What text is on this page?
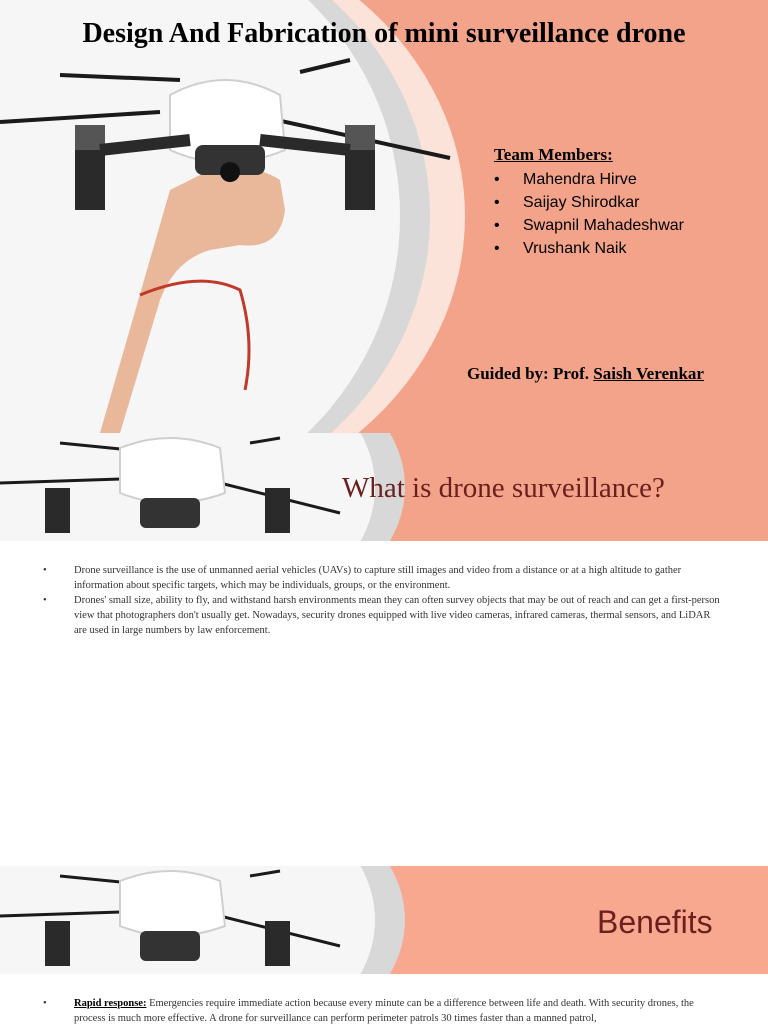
Design And Fabrication of mini surveillance drone
Team Members:
• Mahendra Hirve
• Saijay Shirodkar
• Swapnil Mahadeshwar
• Vrushank Naik
Guided by: Prof. Saish Verenkar
What is drone surveillance?
• Drone surveillance is the use of unmanned aerial vehicles (UAVs) to capture still images and video from a distance or at a high altitude to gather information about specific targets, which may be individuals, groups, or the environment.
• Drones' small size, ability to fly, and withstand harsh environments mean they can often survey objects that may be out of reach and can get a first-person view that photographers don't usually get. Nowadays, security drones equipped with live video cameras, infrared cameras, thermal sensors, and LiDAR are used in large numbers by law enforcement.
Benefits
• Rapid response: Emergencies require immediate action because every minute can be a difference between life and death. With security drones, the process is much more effective. A drone for surveillance can perform perimeter patrols 30 times faster than a manned patrol,
